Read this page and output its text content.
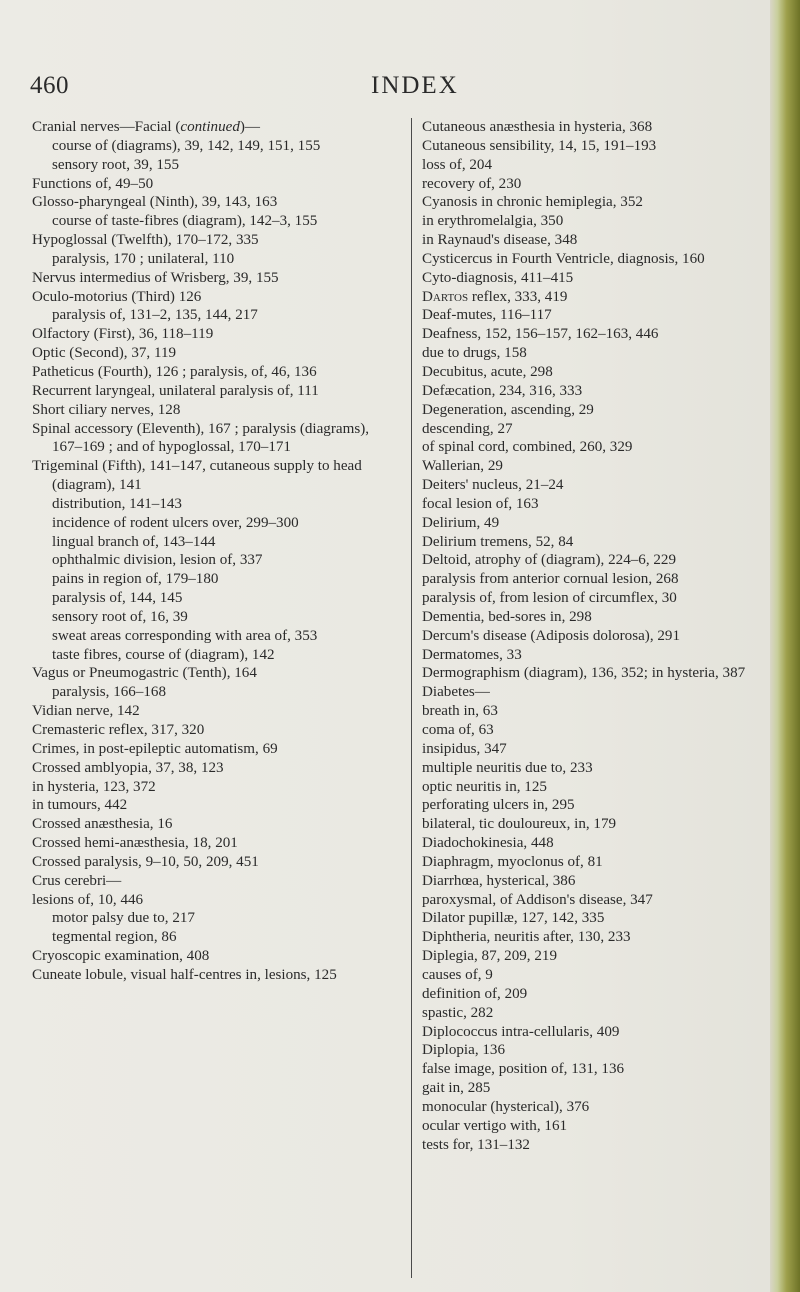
460	INDEX

Cranial nerves—Facial (continued)—

course of (diagrams), 39, 142, 149, 151, 155

sensory root, 39, 155

Functions of, 49–50

Glosso-pharyngeal (Ninth), 39, 143, 163

course of taste-fibres (diagram), 142–3, 155

Hypoglossal (Twelfth), 170–172, 335

paralysis, 170 ; unilateral, 110

Nervus intermedius of Wrisberg, 39, 155

Oculo-motorius (Third) 126

paralysis of, 131–2, 135, 144, 217

Olfactory (First), 36, 118–119

Optic (Second), 37, 119

Patheticus (Fourth), 126 ; paralysis, of, 46, 136

Recurrent laryngeal, unilateral paralysis of, 111

Short ciliary nerves, 128

Spinal accessory (Eleventh), 167 ; paralysis (diagrams), 167–169 ; and of hypoglossal, 170–171

Trigeminal (Fifth), 141–147, cutaneous supply to head (diagram), 141

distribution, 141–143

incidence of rodent ulcers over, 299–300

lingual branch of, 143–144

ophthalmic division, lesion of, 337

pains in region of, 179–180

paralysis of, 144, 145

sensory root of, 16, 39

sweat areas corresponding with area of, 353

taste fibres, course of (diagram), 142

Vagus or Pneumogastric (Tenth), 164

paralysis, 166–168

Vidian nerve, 142

Cremasteric reflex, 317, 320

Crimes, in post-epileptic automatism, 69

Crossed amblyopia, 37, 38, 123

in hysteria, 123, 372

in tumours, 442

Crossed anæsthesia, 16

Crossed hemi-anæsthesia, 18, 201

Crossed paralysis, 9–10, 50, 209, 451

Crus cerebri—

lesions of, 10, 446

motor palsy due to, 217

tegmental region, 86

Cryoscopic examination, 408

Cuneate lobule, visual half-centres in, lesions, 125

Cutaneous anæsthesia in hysteria, 368

Cutaneous sensibility, 14, 15, 191–193

loss of, 204

recovery of, 230

Cyanosis in chronic hemiplegia, 352

in erythromelalgia, 350

in Raynaud's disease, 348

Cysticercus in Fourth Ventricle, diagnosis, 160

Cyto-diagnosis, 411–415

Dartos reflex, 333, 419

Deaf-mutes, 116–117

Deafness, 152, 156–157, 162–163, 446

due to drugs, 158

Decubitus, acute, 298

Defæcation, 234, 316, 333

Degeneration, ascending, 29

descending, 27

of spinal cord, combined, 260, 329

Wallerian, 29

Deiters' nucleus, 21–24

focal lesion of, 163

Delirium, 49

Delirium tremens, 52, 84

Deltoid, atrophy of (diagram), 224–6, 229

paralysis from anterior cornual lesion, 268

paralysis of, from lesion of circumflex, 30

Dementia, bed-sores in, 298

Dercum's disease (Adiposis dolorosa), 291

Dermatomes, 33

Dermographism (diagram), 136, 352; in hysteria, 387

Diabetes—

breath in, 63

coma of, 63

insipidus, 347

multiple neuritis due to, 233

optic neuritis in, 125

perforating ulcers in, 295

bilateral, tic douloureux, in, 179

Diadochokinesia, 448

Diaphragm, myoclonus of, 81

Diarrhœa, hysterical, 386

paroxysmal, of Addison's disease, 347

Dilator pupillæ, 127, 142, 335

Diphtheria, neuritis after, 130, 233

Diplegia, 87, 209, 219

causes of, 9

definition of, 209

spastic, 282

Diplococcus intra-cellularis, 409

Diplopia, 136

false image, position of, 131, 136

gait in, 285

monocular (hysterical), 376

ocular vertigo with, 161

tests for, 131–132
